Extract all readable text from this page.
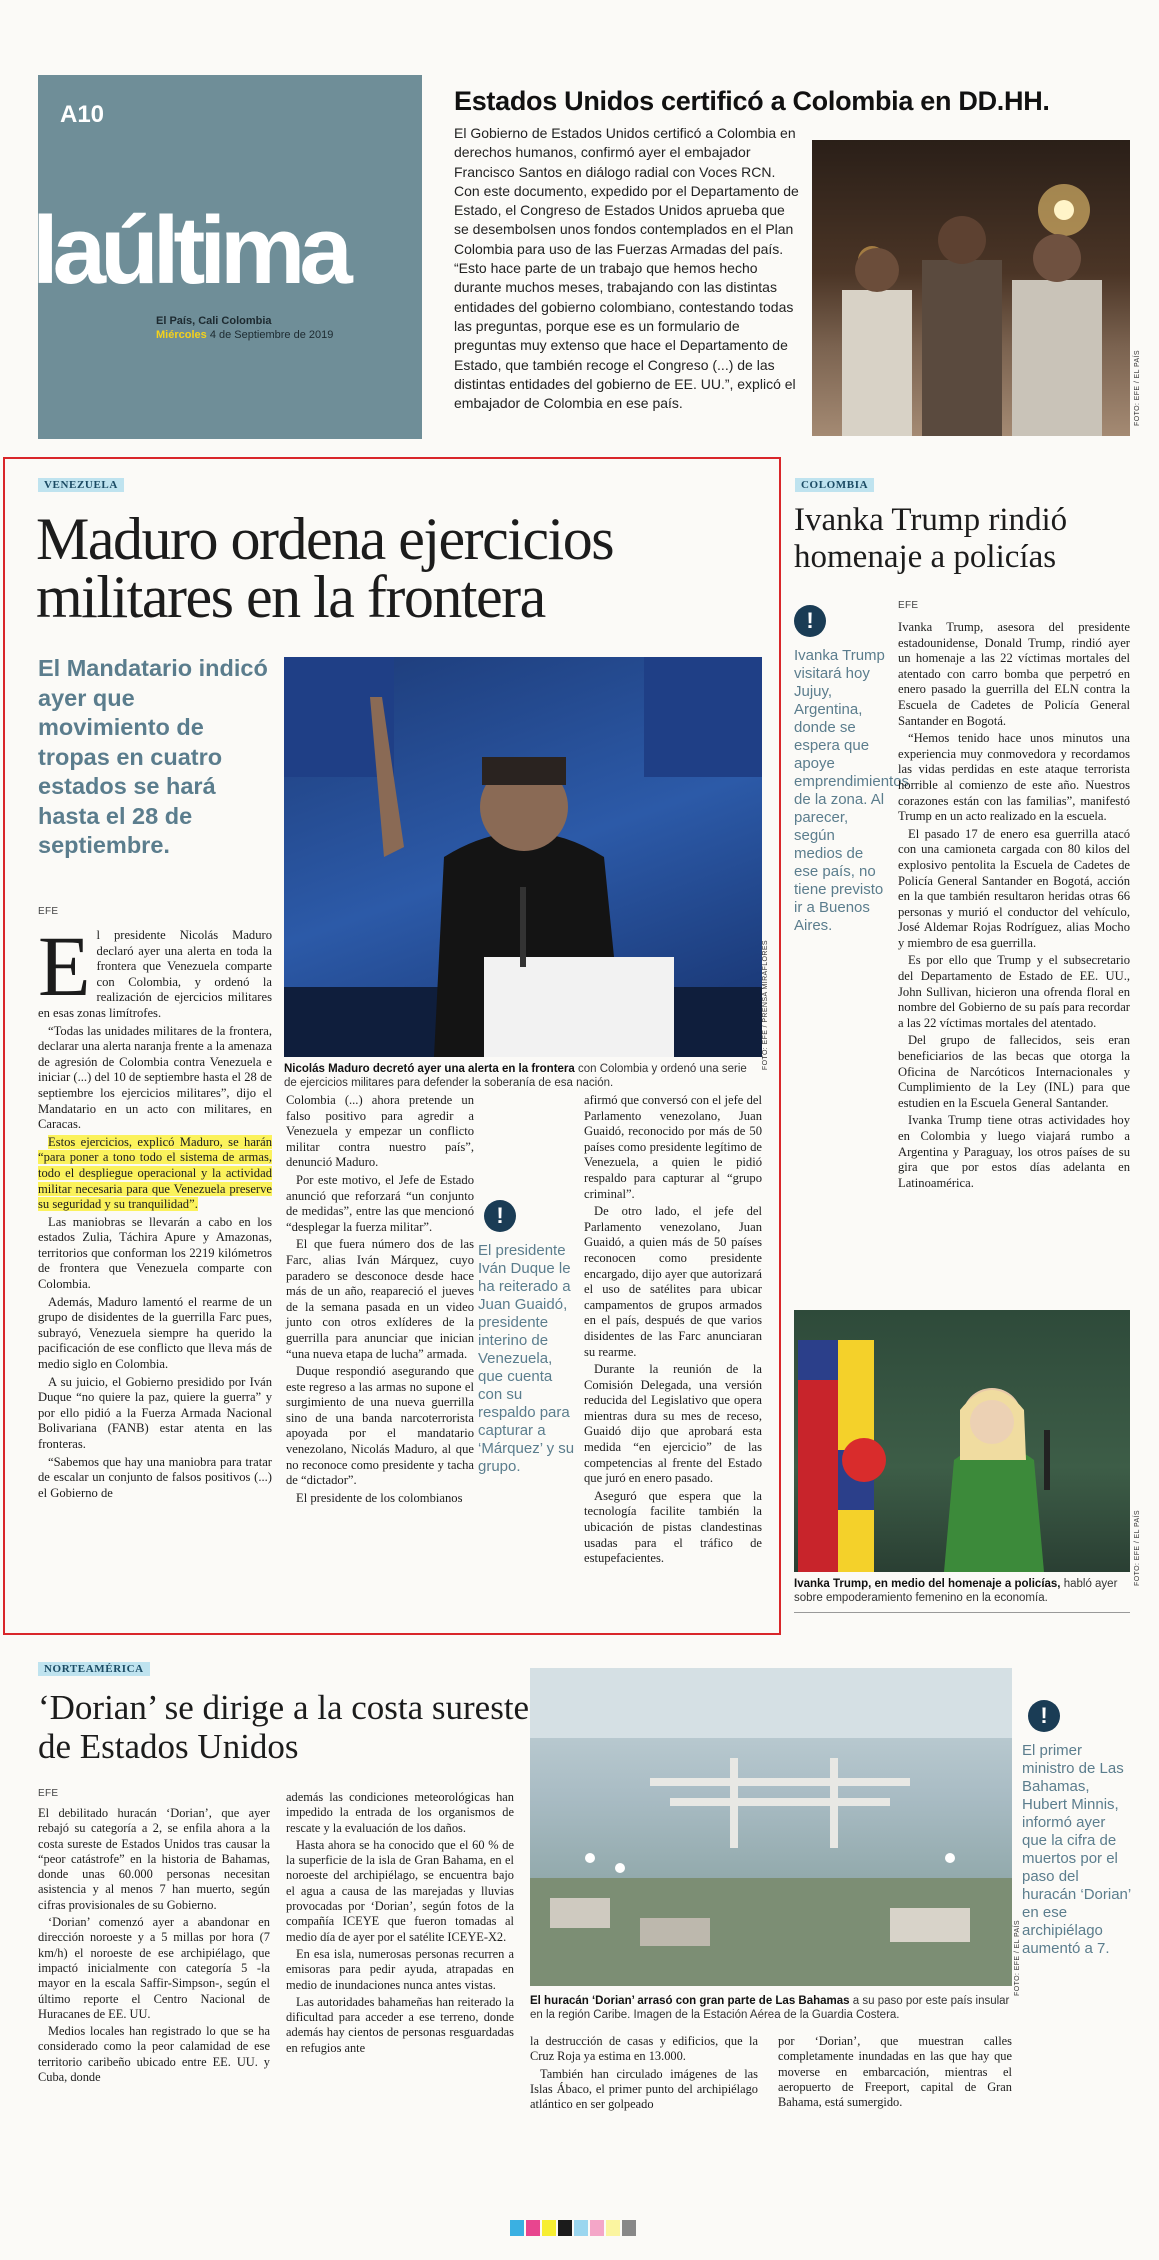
A10
laúltima
El País, Cali Colombia
Miércoles 4 de Septiembre de 2019
Estados Unidos certificó a Colombia en DD.HH.
El Gobierno de Estados Unidos certificó a Colombia en derechos humanos, confirmó ayer el embajador Francisco Santos en diálogo radial con Voces RCN. Con este documento, expedido por el Departamento de Estado, el Congreso de Estados Unidos aprueba que se desembolsen unos fondos contemplados en el Plan Colombia para uso de las Fuerzas Armadas del país. “Esto hace parte de un trabajo que hemos hecho durante muchos meses, trabajando con las distintas entidades del gobierno colombiano, contestando todas las preguntas, porque ese es un formulario de preguntas muy extenso que hace el Departamento de Estado, que también recoge el Congreso (...) de las distintas entidades del gobierno de EE. UU.”, explicó el embajador de Colombia en ese país.	FOTO: EFE / EL PAÍS
VENEZUELA
Maduro ordena ejercicios militares en la frontera
El Mandatario indicó ayer que movimiento de tropas en cuatro estados se hará hasta el 28 de septiembre.
FOTO: EFE / PRENSA MIRAFLORES
Nicolás Maduro decretó ayer una alerta en la frontera con Colombia y ordenó una serie de ejercicios militares para defender la soberanía de esa nación.
EFE
E l presidente Nicolás Maduro declaró ayer una alerta en toda la frontera que Venezuela comparte con Colombia, y ordenó la realización de ejercicios militares en esas zonas limítrofes.

“Todas las unidades militares de la frontera, declarar una alerta naranja frente a la amenaza de agresión de Colombia contra Venezuela e iniciar (...) del 10 de septiembre hasta el 28 de septiembre los ejercicios militares”, dijo el Mandatario en un acto con militares, en Caracas.

Estos ejercicios, explicó Maduro, se harán “para poner a tono todo el sistema de armas, todo el despliegue operacional y la actividad militar necesaria para que Venezuela preserve su seguridad y su tranquilidad”.

Las maniobras se llevarán a cabo en los estados Zulia, Táchira Apure y Amazonas, territorios que conforman los 2219 kilómetros de frontera que Venezuela comparte con Colombia.

Además, Maduro lamentó el rearme de un grupo de disidentes de la guerrilla Farc pues, subrayó, Venezuela siempre ha querido la pacificación de ese conflicto que lleva más de medio siglo en Colombia.

A su juicio, el Gobierno presidido por Iván Duque “no quiere la paz, quiere la guerra” y por ello pidió a la Fuerza Armada Nacional Bolivariana (FANB) estar atenta en las fronteras.

“Sabemos que hay una maniobra para tratar de escalar un conjunto de falsos positivos (...) el Gobierno de

Colombia (...) ahora pretende un falso positivo para agredir a Venezuela y empezar un conflicto militar contra nuestro país”, denunció Maduro.

Por este motivo, el Jefe de Estado anunció que reforzará “un conjunto de medidas”, entre las que mencionó “desplegar la fuerza militar”.

El que fuera número dos de las Farc, alias Iván Márquez, cuyo paradero se desconoce desde hace más de un año, reapareció el jueves de la semana pasada en un video junto con otros exlíderes de la guerrilla para anunciar que inician “una nueva etapa de lucha” armada.

Duque respondió asegurando que este regreso a las armas no supone el surgimiento de una nueva guerrilla sino de una banda narcoterrorista apoyada por el mandatario venezolano, Nicolás Maduro, al que no reconoce como presidente y tacha de “dictador”.

El presidente de los colombianos

!
El presidente Iván Duque le ha reiterado a Juan Guaidó, presidente interino de Venezuela, que cuenta con su respaldo para capturar a ‘Márquez’ y su grupo.

afirmó que conversó con el jefe del Parlamento venezolano, Juan Guaidó, reconocido por más de 50 países como presidente legítimo de Venezuela, a quien le pidió respaldo para capturar al “grupo criminal”.

De otro lado, el jefe del Parlamento venezolano, Juan Guaidó, a quien más de 50 países reconocen como presidente encargado, dijo ayer que autorizará el uso de satélites para ubicar campamentos de grupos armados en el país, después de que varios disidentes de las Farc anunciaran su rearme.

Durante la reunión de la Comisión Delegada, una versión reducida del Legislativo que opera mientras dura su mes de receso, Guaidó dijo que aprobará esta medida “en ejercicio” de las competencias al frente del Estado que juró en enero pasado.

Aseguró que espera que la tecnología facilite también la ubicación de pistas clandestinas usadas para el tráfico de estupefacientes.

COLOMBIA
Ivanka Trump rindió homenaje a policías
EFE
!
Ivanka Trump visitará hoy Jujuy, Argentina, donde se espera que apoye emprendimientos de la zona. Al parecer, según medios de ese país, no tiene previsto ir a Buenos Aires.

Ivanka Trump, asesora del presidente estadounidense, Donald Trump, rindió ayer un homenaje a las 22 víctimas mortales del atentado con carro bomba que perpetró en enero pasado la guerrilla del ELN contra la Escuela de Cadetes de Policía General Santander en Bogotá.

“Hemos tenido hace unos minutos una experiencia muy conmovedora y recordamos las vidas perdidas en este ataque terrorista horrible al comienzo de este año. Nuestros corazones están con las familias”, manifestó Trump en un acto realizado en la escuela.

El pasado 17 de enero esa guerrilla atacó con una camioneta cargada con 80 kilos del explosivo pentolita la Escuela de Cadetes de Policía General Santander en Bogotá, acción en la que también resultaron heridas otras 66 personas y murió el conductor del vehículo, José Aldemar Rojas Rodríguez, alias Mocho y miembro de esa guerrilla.

Es por ello que Trump y el subsecretario del Departamento de Estado de EE. UU., John Sullivan, hicieron una ofrenda floral en nombre del Gobierno de su país para recordar a las 22 víctimas mortales del atentado.

Del grupo de fallecidos, seis eran beneficiarios de las becas que otorga la Oficina de Narcóticos Internacionales y Cumplimiento de la Ley (INL) para que estudien en la Escuela General Santander.

Ivanka Trump tiene otras actividades hoy en Colombia y luego viajará rumbo a Argentina y Paraguay, los otros países de su gira que por estos días adelanta en Latinoamérica.

FOTO: EFE / EL PAÍS
Ivanka Trump, en medio del homenaje a policías, habló ayer sobre empoderamiento femenino en la economía.
NORTEAMÉRICA
‘Dorian’ se dirige a la costa sureste de Estados Unidos
EFE

El debilitado huracán ‘Dorian’, que ayer rebajó su categoría a 2, se enfila ahora a la costa sureste de Estados Unidos tras causar la “peor catástrofe” en la historia de Bahamas, donde unas 60.000 personas necesitan asistencia y al menos 7 han muerto, según cifras provisionales de su Gobierno.

‘Dorian’ comenzó ayer a abandonar en dirección noroeste y a 5 millas por hora (7 km/h) el noroeste de ese archipiélago, que impactó inicialmente con categoría 5 -la mayor en la escala Saffir-Simpson-, según el último reporte el Centro Nacional de Huracanes de EE. UU.

Medios locales han registrado lo que se ha considerado como la peor calamidad de ese territorio caribeño ubicado entre EE. UU. y Cuba, donde

además las condiciones meteorológicas han impedido la entrada de los organismos de rescate y la evaluación de los daños.

Hasta ahora se ha conocido que el 60 % de la superficie de la isla de Gran Bahama, en el noroeste del archipiélago, se encuentra bajo el agua a causa de las marejadas y lluvias provocadas por ‘Dorian’, según fotos de la compañía ICEYE que fueron tomadas al medio día de ayer por el satélite ICEYE-X2.

En esa isla, numerosas personas recurren a emisoras para pedir ayuda, atrapadas en medio de inundaciones nunca antes vistas.

Las autoridades bahameñas han reiterado la dificultad para acceder a ese terreno, donde además hay cientos de personas resguardadas en refugios ante

FOTO: EFE / EL PAÍS
El huracán ‘Dorian’ arrasó con gran parte de Las Bahamas a su paso por este país insular en la región Caribe. Imagen de la Estación Aérea de la Guardia Costera.
!
El primer ministro de Las Bahamas, Hubert Minnis, informó ayer que la cifra de muertos por el paso del huracán ‘Dorian’ en ese archipiélago aumentó a 7.

la destrucción de casas y edificios, que la Cruz Roja ya estima en 13.000.

También han circulado imágenes de las Islas Ábaco, el primer punto del archipiélago atlántico en ser golpeado

por ‘Dorian’, que muestran calles completamente inundadas en las que hay que moverse en embarcación, mientras el aeropuerto de Freeport, capital de Gran Bahama, está sumergido.
